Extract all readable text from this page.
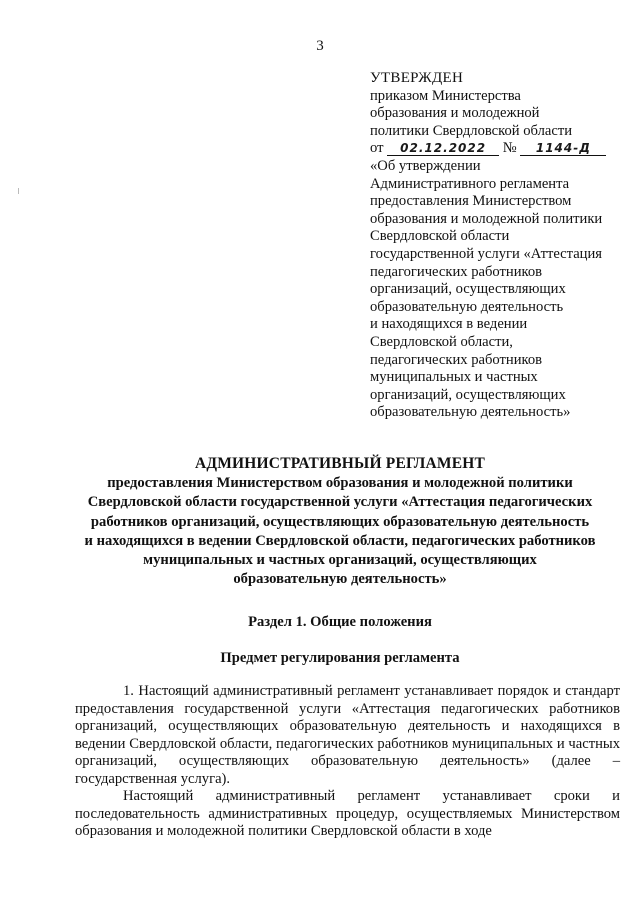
3
УТВЕРЖДЕН
приказом Министерства
образования и молодежной
политики Свердловской области
от 02.12.2022 № 1144-Д
«Об утверждении
Административного регламента
предоставления Министерством
образования и молодежной политики
Свердловской области
государственной услуги «Аттестация
педагогических работников
организаций, осуществляющих
образовательную деятельность
и находящихся в ведении
Свердловской области,
педагогических работников
муниципальных и частных
организаций, осуществляющих
образовательную деятельность»
АДМИНИСТРАТИВНЫЙ РЕГЛАМЕНТ
предоставления Министерством образования и молодежной политики
Свердловской области государственной услуги «Аттестация педагогических
работников организаций, осуществляющих образовательную деятельность
и находящихся в ведении Свердловской области, педагогических работников
муниципальных и частных организаций, осуществляющих
образовательную деятельность»
Раздел 1. Общие положения
Предмет регулирования регламента

1. Настоящий административный регламент устанавливает порядок и стандарт предоставления государственной услуги «Аттестация педагогических работников организаций, осуществляющих образовательную деятельность и находящихся в ведении Свердловской области, педагогических работников муниципальных и частных организаций, осуществляющих образовательную деятельность» (далее – государственная услуга).

Настоящий административный регламент устанавливает сроки и последовательность административных процедур, осуществляемых Министерством образования и молодежной политики Свердловской области в ходе
